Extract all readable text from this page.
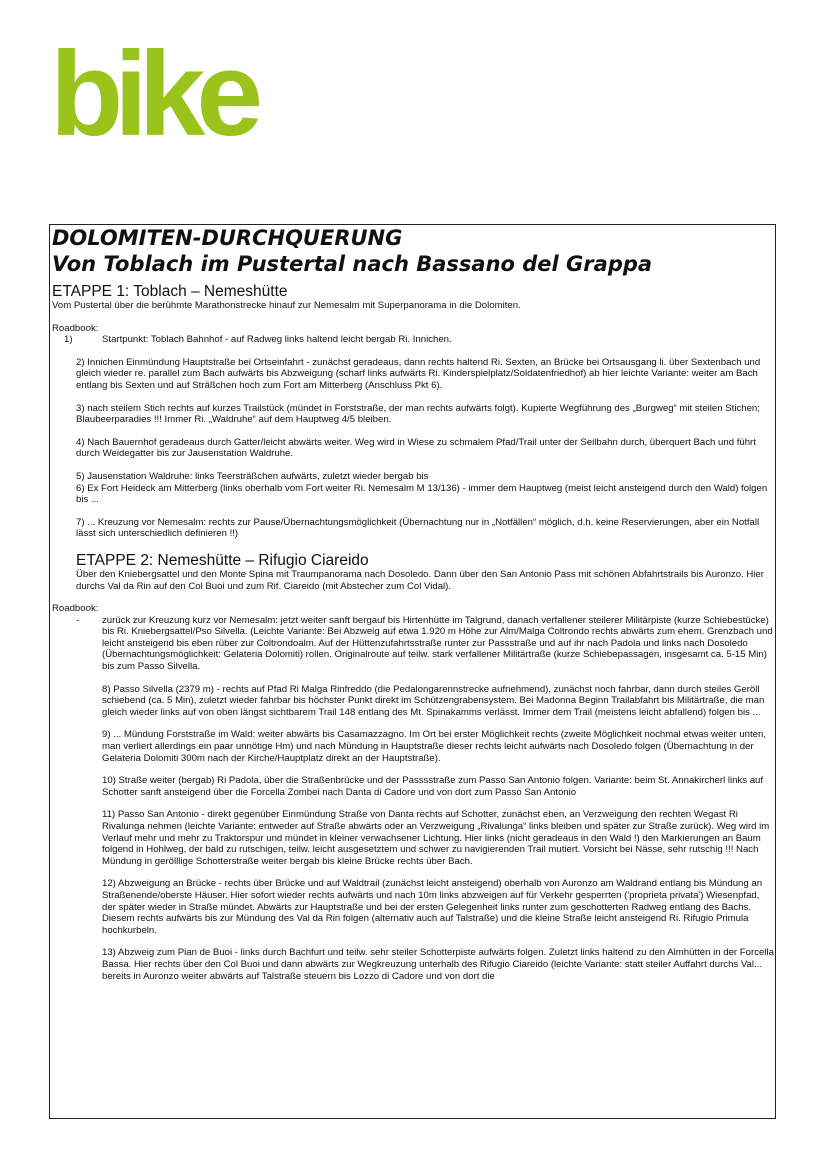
bike
DOLOMITEN-DURCHQUERUNG
Von Toblach im Pustertal nach Bassano del Grappa
ETAPPE 1: Toblach – Nemeshütte

Vom Pustertal über die berühmte Marathonstrecke hinauf zur Nemesalm mit Superpanorama in die Dolomiten.

Roadbook:

1)	Startpunkt: Toblach Bahnhof - auf Radweg links haltend leicht bergab Ri. Innichen.

2) Innichen Einmündung Hauptstraße bei Ortseinfahrt - zunächst geradeaus, dann rechts haltend Ri. Sexten, an Brücke bei Ortsausgang li. über Sextenbach und gleich wieder re. parallel zum Bach aufwärts bis Abzweigung (scharf links aufwärts Ri. Kinderspielplatz/Soldatenfriedhof) ab hier leichte Variante: weiter am Bach entlang bis Sexten und auf Sträßchen hoch zum Fort am Mitterberg (Anschluss Pkt 6).

3) nach steilem Stich rechts auf kurzes Trailstück (mündet in Forststraße, der man rechts aufwärts folgt). Kupierte Wegführung des „Burgweg“ mit steilen Stichen; Blaubeerparadies !!! Immer Ri. „Waldruhe“ auf dem Hauptweg 4/5 bleiben.

4) Nach Bauernhof geradeaus durch Gatter/leicht abwärts weiter. Weg wird in Wiese zu schmalem Pfad/Trail unter der Seilbahn durch, überquert Bach und führt durch Weidegatter bis zur Jausenstation Waldruhe.

5) Jausenstation Waldruhe: links Teersträßchen aufwärts, zuletzt wieder bergab bis
6) Ex Fort Heideck am Mitterberg (links oberhalb vom Fort weiter Ri. Nemesalm M 13/136) - immer dem Hauptweg (meist leicht ansteigend durch den Wald) folgen bis ...

7) ... Kreuzung vor Nemesalm: rechts zur Pause/Übernachtungsmöglichkeit (Übernachtung nur in „Notfällen“ möglich, d.h. keine Reservierungen, aber ein Notfall lässt sich unterschiedlich definieren !!)

ETAPPE 2: Nemeshütte – Rifugio Ciareido

Über den Kniebergsattel und den Monte Spina mit Traumpanorama nach Dosoledo. Dann über den San Antonio Pass mit schönen Abfahrtstrails bis Auronzo. Hier durchs Val da Rin auf den Col Buoi und zum Rif. Ciareido (mit Abstecher zum Col Vidal).

Roadbook:

-	zurück zur Kreuzung kurz vor Nemesalm: jetzt weiter sanft bergauf bis Hirtenhütte im Talgrund, danach verfallener steilerer Militärpiste (kurze Schiebestücke) bis Ri. Kniebergsattel/Pso Silvella. (Leichte Variante: Bei Abzweig auf etwa 1.920 m Höhe zur Alm/Malga Coltrondo rechts abwärts zum ehem. Grenzbach und leicht ansteigend bis eben rüber zur Coltrondoalm. Auf der Hüttenzufahrtsstraße runter zur Passstraße und auf ihr nach Padola und links nach Dosoledo (Übernachtungsmöglichkeit: Gelateria Dolomiti) rollen. Originalroute auf teilw. stark verfallener Militärtraße (kurze Schiebepassagen, insgesamt ca. 5-15 Min) bis zum Passo Silvella.

8) Passo Silvella (2379 m) - rechts auf Pfad Ri Malga Rinfreddo (die Pedalongarennstrecke aufnehmend), zunächst noch fahrbar, dann durch steiles Geröll schiebend (ca. 5 Min), zuletzt wieder fahrbar bis höchster Punkt direkt im Schützengrabensystem. Bei Madonna Beginn Trailabfahrt bis Militärtraße, die man gleich wieder links auf von oben längst sichtbarem Trail 148 entlang des Mt. Spinakamms verlässt. Immer dem Trail (meistens leicht abfallend) folgen bis ...

9) ... Mündung Forststraße im Wald: weiter abwärts bis Casamazzagno. Im Ort bei erster Möglichkeit rechts (zweite Möglichkeit nochmal etwas weiter unten, man verliert allerdings ein paar unnötige Hm) und nach Mündung in Hauptstraße dieser rechts leicht aufwärts nach Dosoledo folgen (Übernachtung in der Gelateria Dolomiti 300m nach der Kirche/Hauptplatz direkt an der Hauptstraße).

10) Straße weiter (bergab) Ri Padola, über die Straßenbrücke und der Passsstraße zum Passo San Antonio folgen. Variante: beim St. Annakircherl links auf Schotter sanft ansteigend über die Forcella Zombei nach Danta di Cadore und von dort zum Passo San Antonio

11) Passo San Antonio - direkt gegenüber Einmündung Straße von Danta rechts auf Schotter, zunächst eben, an Verzweigung den rechten Wegast Ri Rivalunga nehmen (leichte Variante: entweder auf Straße abwärts oder an Verzweigung „Rivalunga“ links bleiben und später zur Straße zurück). Weg wird im Verlauf mehr und mehr zu Traktorspur und mündet in kleiner verwachsener Lichtung. Hier links (nicht geradeaus in den Wald !) den Markierungen an Baum folgend in Hohlweg, der bald zu rutschigen, teilw. leicht ausgesetztem und schwer zu navigierenden Trail mutiert. Vorsicht bei Nässe, sehr rutschig !!! Nach Mündung in gerölllige Schotterstraße weiter bergab bis kleine Brücke rechts über Bach.

12) Abzweigung an Brücke - rechts über Brücke und auf Waldtrail (zunächst leicht ansteigend) oberhalb von Auronzo am Waldrand entlang bis Mündung an Straßenende/oberste Häuser. Hier sofort wieder rechts aufwärts und nach 10m links abzweigen auf für Verkehr gesperrten ('proprieta privata') Wiesenpfad, der später wieder in Straße mündet. Abwärts zur Hauptstraße und bei der ersten Gelegenheit links runter zum geschotterten Radweg entlang des Bachs. Diesem rechts aufwärts bis zur Mündung des Val da Rin folgen (alternativ auch auf Talstraße) und die kleine Straße leicht ansteigend Ri. Rifugio Primula hochkurbeln.

13) Abzweig zum Pian de Buoi - links durch Bachfurt und teilw. sehr steiler Schotterpiste aufwärts folgen. Zuletzt links haltend zu den Almhütten in der Forcella Bassa. Hier rechts über den Col Buoi und dann abwärts zur Wegkreuzung unterhalb des Rifugio Ciareido (leichte Variante: statt steiler Auffahrt durchs Val... bereits in Auronzo weiter abwärts auf Talstraße steuern bis Lozzo di Cadore und von dort die
